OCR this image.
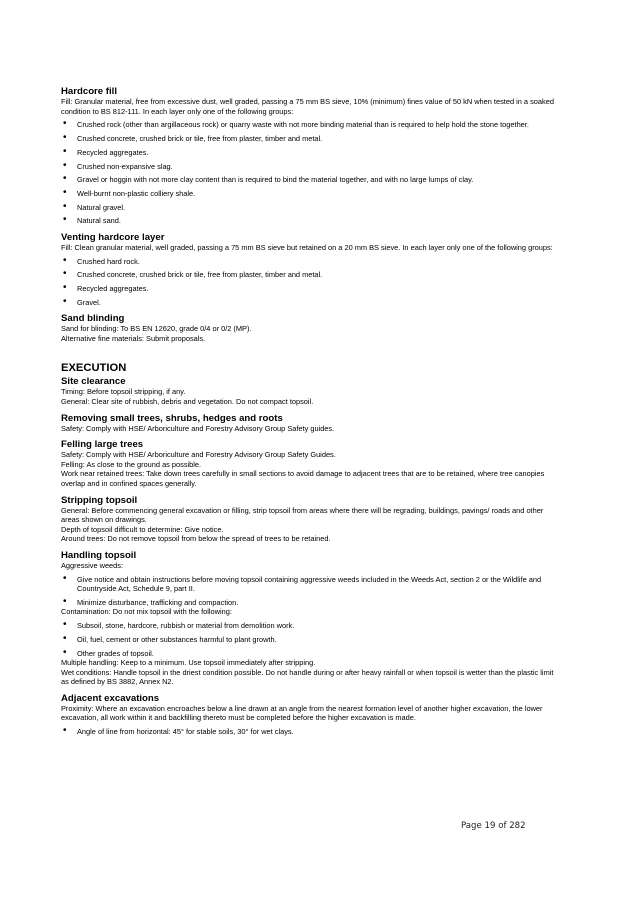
Hardcore fill
Fill: Granular material, free from excessive dust, well graded, passing a 75 mm BS sieve, 10% (minimum) fines value of 50 kN when tested in a soaked condition to BS 812-111. In each layer only one of the following groups:
• Crushed rock (other than argillaceous rock) or quarry waste with not more binding material than is required to help hold the stone together.
• Crushed concrete, crushed brick or tile, free from plaster, timber and metal.
• Recycled aggregates.
• Crushed non-expansive slag.
• Gravel or hoggin with not more clay content than is required to bind the material together, and with no large lumps of clay.
• Well-burnt non-plastic colliery shale.
• Natural gravel.
• Natural sand.
Venting hardcore layer
Fill: Clean granular material, well graded, passing a 75 mm BS sieve but retained on a 20 mm BS sieve. In each layer only one of the following groups:
• Crushed hard rock.
• Crushed concrete, crushed brick or tile, free from plaster, timber and metal.
• Recycled aggregates.
• Gravel.
Sand blinding
Sand for blinding: To BS EN 12620, grade 0/4 or 0/2 (MP).
Alternative fine materials: Submit proposals.
EXECUTION
Site clearance
Timing: Before topsoil stripping, if any.
General: Clear site of rubbish, debris and vegetation. Do not compact topsoil.
Removing small trees, shrubs, hedges and roots
Safety: Comply with HSE/ Arboriculture and Forestry Advisory Group Safety guides.
Felling large trees
Safety: Comply with HSE/ Arboriculture and Forestry Advisory Group Safety Guides.
Felling: As close to the ground as possible.
Work near retained trees: Take down trees carefully in small sections to avoid damage to adjacent trees that are to be retained, where tree canopies overlap and in confined spaces generally.
Stripping topsoil
General: Before commencing general excavation or filling, strip topsoil from areas where there will be regrading, buildings, pavings/ roads and other areas shown on drawings.
Depth of topsoil difficult to determine: Give notice.
Around trees: Do not remove topsoil from below the spread of trees to be retained.
Handling topsoil
Aggressive weeds:
• Give notice and obtain instructions before moving topsoil containing aggressive weeds included in the Weeds Act, section 2 or the Wildlife and Countryside Act, Schedule 9, part II.
• Minimize disturbance, trafficking and compaction.
Contamination: Do not mix topsoil with the following:
• Subsoil, stone, hardcore, rubbish or material from demolition work.
• Oil, fuel, cement or other substances harmful to plant growth.
• Other grades of topsoil.
Multiple handling: Keep to a minimum. Use topsoil immediately after stripping.
Wet conditions: Handle topsoil in the driest condition possible. Do not handle during or after heavy rainfall or when topsoil is wetter than the plastic limit as defined by BS 3882, Annex N2.
Adjacent excavations
Proximity: Where an excavation encroaches below a line drawn at an angle from the nearest formation level of another higher excavation, the lower excavation, all work within it and backfilling thereto must be completed before the higher excavation is made.
• Angle of line from horizontal: 45° for stable soils, 30° for wet clays.
Page 19 of 282
